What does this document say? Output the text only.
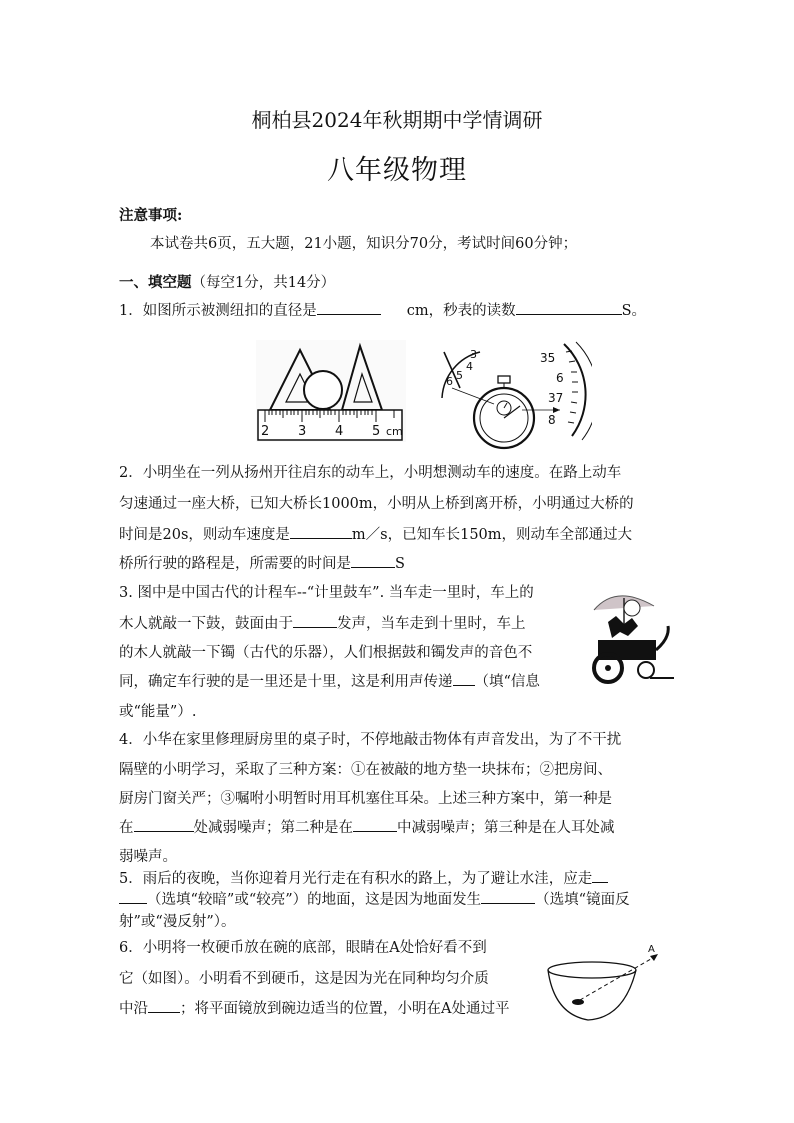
桐柏县2024年秋期期中学情调研
八年级物理
注意事项:
本试卷共6页，五大题，21小题，知识分70分，考试时间60分钟；
一、填空题（每空1分，共14分）
1．如图所示被测纽扣的直径是	cm，秒表的读数	S。
2 3 4 5 cm
3
4
5
6
35
6
37
8
2．小明坐在一列从扬州开往启东的动车上，小明想测动车的速度。在路上动车
匀速通过一座大桥，已知大桥长1000m，小明从上桥到离开桥，小明通过大桥的
时间是20s，则动车速度是	m／s，已知车长150m，则动车全部通过大
桥所行驶的路程是，所需要的时间是	S
3. 图中是中国古代的计程车--“计里鼓车”. 当车走一里时，车上的
木人就敲一下鼓，鼓面由于	发声，当车走到十里时，车上
的木人就敲一下镯（古代的乐器），人们根据鼓和镯发声的音色不
同，确定车行驶的是一里还是十里，这是利用声传递 （填“信息
或“能量”）.
4．小华在家里修理厨房里的桌子时，不停地敲击物体有声音发出，为了不干扰
隔壁的小明学习，采取了三种方案：①在被敲的地方垫一块抹布；②把房间、
厨房门窗关严；③嘱咐小明暂时用耳机塞住耳朵。上述三种方案中，第一种是
在	处减弱噪声；第二种是在	中减弱噪声；第三种是在人耳处减
弱噪声。
5．雨后的夜晚，当你迎着月光行走在有积水的路上，为了避让水洼，应走
（选填“较暗”或“较亮”）的地面，这是因为地面发生	（选填“镜面反
射”或“漫反射”）。
6．小明将一枚硬币放在碗的底部，眼睛在A处恰好看不到
它（如图）。小明看不到硬币，这是因为光在同种均匀介质
中沿 ；将平面镜放到碗边适当的位置，小明在A处通过平
A
